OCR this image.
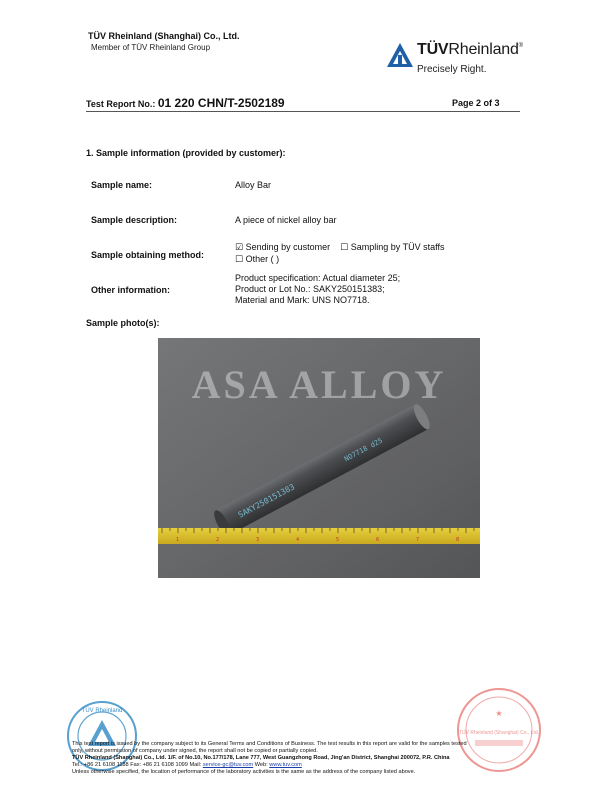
TÜV Rheinland (Shanghai) Co., Ltd.
Member of TÜV Rheinland Group	TÜVRheinland®
Precisely Right.
Test Report No.: 01 220 CHN/T-2502189	Page 2 of 3
1. Sample information (provided by customer):
Sample name:	Alloy Bar
Sample description:	A piece of nickel alloy bar
Sample obtaining method:
☑ Sending by customer ☐ Sampling by TÜV staffs
☐ Other ( )
Other information:
Product specification: Actual diameter 25;
Product or Lot No.: SAKY250151383;
Material and Mark: UNS NO7718.
Sample photo(s):
ASA ALLOY
SAKY250151383
NO7718 d25
1	2	3	4	5	6	7	8
TÜV Rheinland	★
TÜV Rheinland (Shanghai) Co., Ltd.
This test report is issued by the company subject to its General Terms and Conditions of Business. The test results in this report are valid for the samples tested
only, without permission of company under signed, the report shall not be copied or partially copied.
TÜV Rheinland (Shanghai) Co., Ltd. 1/F. of No.10, No.177/178, Lane 777, West Guangzhong Road, Jing'an District, Shanghai 200072, P.R. China
Tel.: +86 21 6108 1188 Fax: +86 21 6108 1099 Mail: service-gc@tuv.com Web: www.tuv.com
Unless otherwise specified, the location of performance of the laboratory activities is the same as the address of the company listed above.
